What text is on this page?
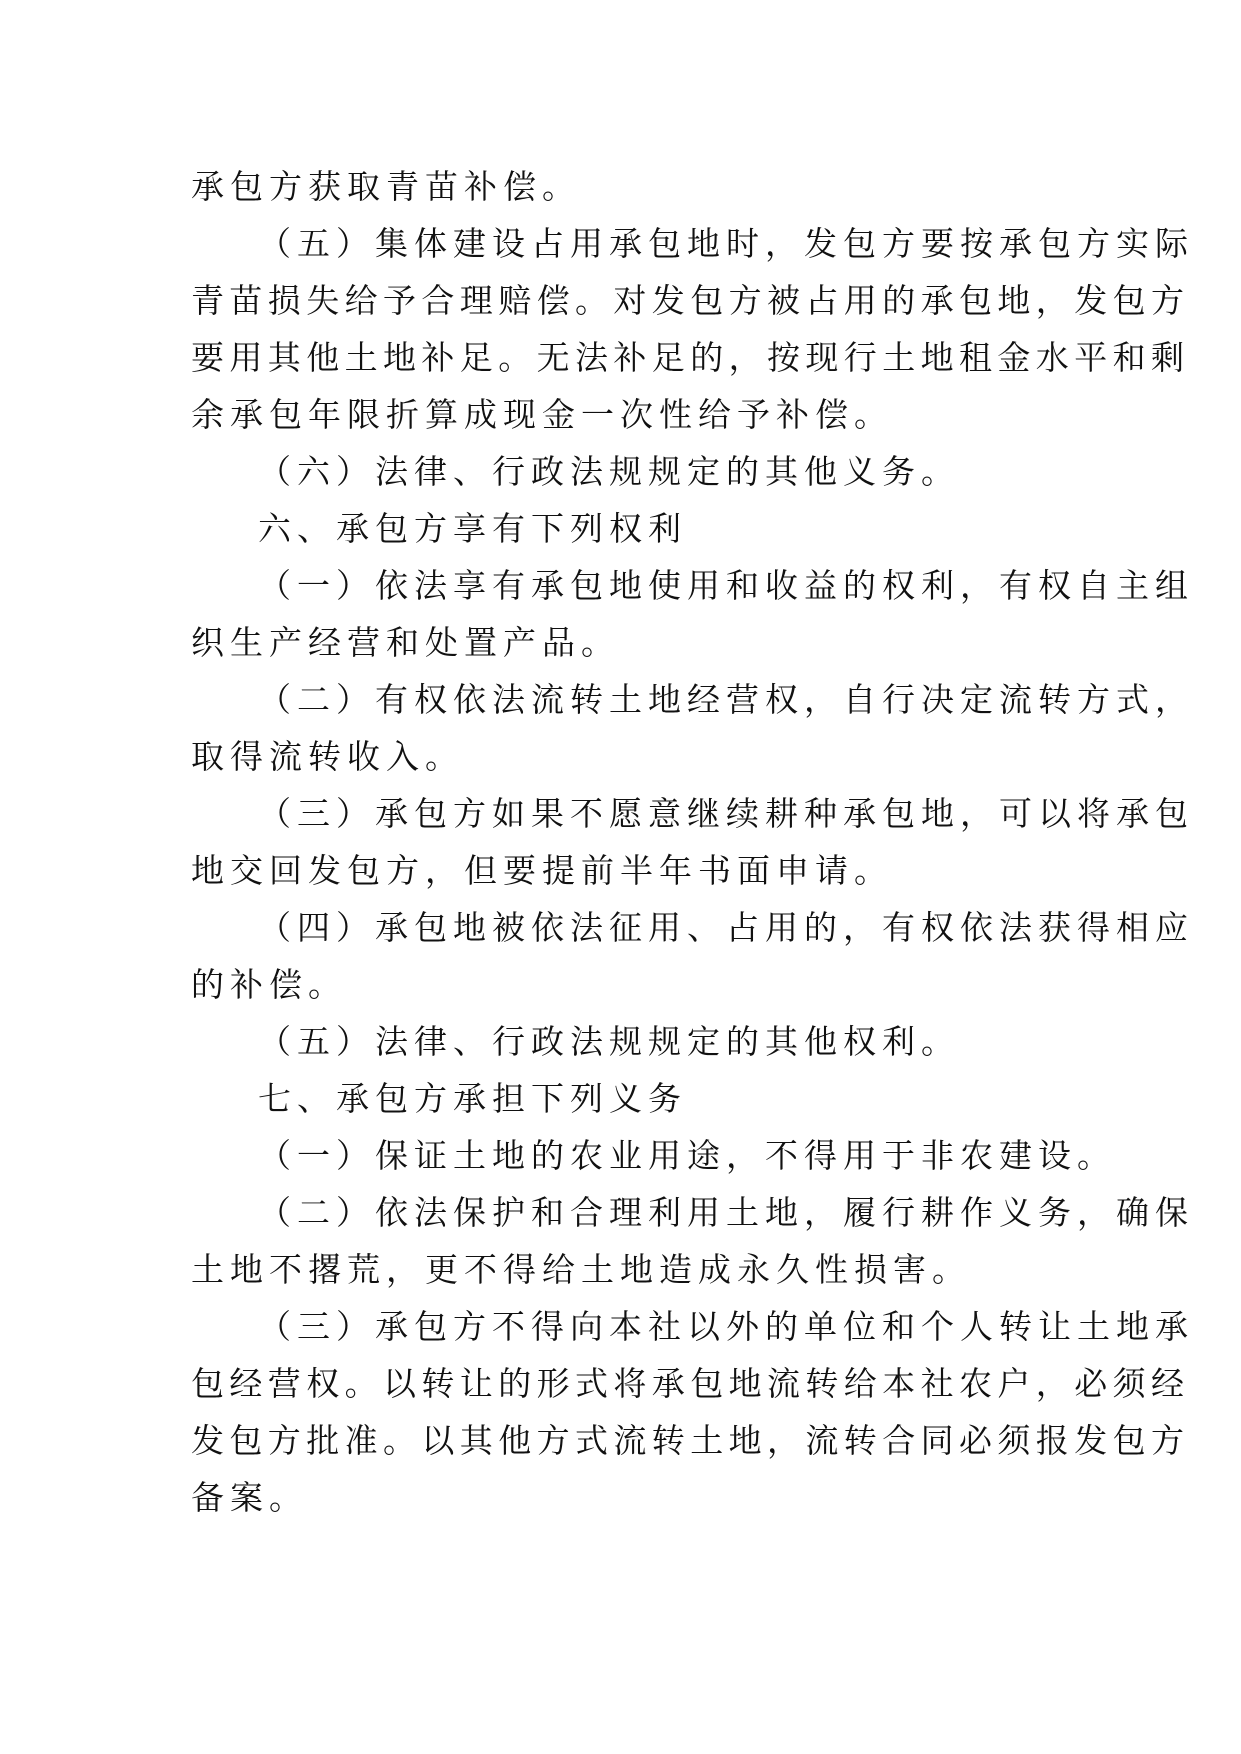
承包方获取青苗补偿。
（五）集体建设占用承包地时，发包方要按承包方实际
青苗损失给予合理赔偿。对发包方被占用的承包地，发包方
要用其他土地补足。无法补足的，按现行土地租金水平和剩
余承包年限折算成现金一次性给予补偿。
（六）法律、行政法规规定的其他义务。
六、承包方享有下列权利
（一）依法享有承包地使用和收益的权利，有权自主组
织生产经营和处置产品。
（二）有权依法流转土地经营权，自行决定流转方式，
取得流转收入。
（三）承包方如果不愿意继续耕种承包地，可以将承包
地交回发包方，但要提前半年书面申请。
（四）承包地被依法征用、占用的，有权依法获得相应
的补偿。
（五）法律、行政法规规定的其他权利。
七、承包方承担下列义务
（一）保证土地的农业用途，不得用于非农建设。
（二）依法保护和合理利用土地，履行耕作义务，确保
土地不撂荒，更不得给土地造成永久性损害。
（三）承包方不得向本社以外的单位和个人转让土地承
包经营权。以转让的形式将承包地流转给本社农户，必须经
发包方批准。以其他方式流转土地，流转合同必须报发包方
备案。
